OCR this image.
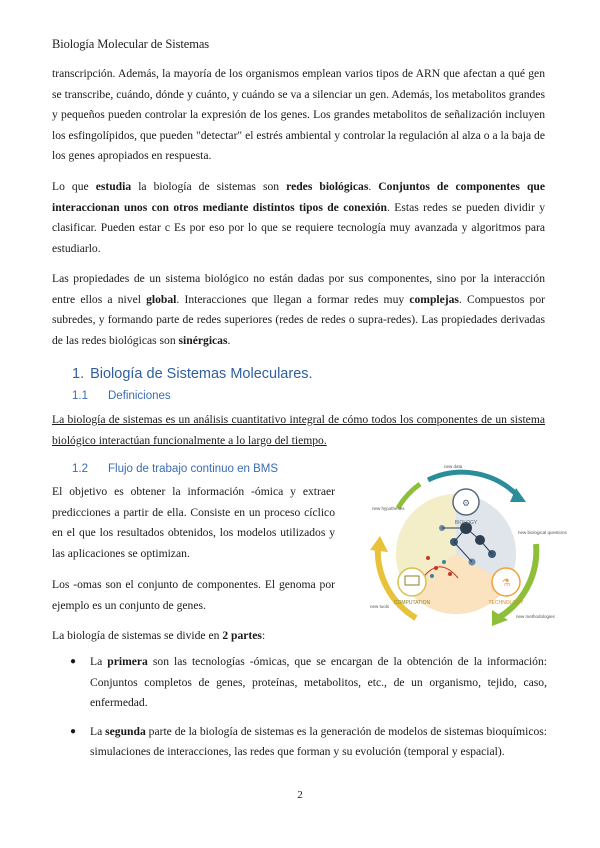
Biología Molecular de Sistemas

transcripción. Además, la mayoría de los organismos emplean varios tipos de ARN que afectan a qué gen se transcribe, cuándo, dónde y cuánto, y cuándo se va a silenciar un gen. Además, los metabolitos grandes y pequeños pueden controlar la expresión de los genes. Los grandes metabolitos de señalización incluyen los esfingolípidos, que pueden "detectar" el estrés ambiental y controlar la regulación al alza o a la baja de los genes apropiados en respuesta.

Lo que estudia la biología de sistemas son redes biológicas. Conjuntos de componentes que interaccionan unos con otros mediante distintos tipos de conexión. Estas redes se pueden dividir y clasificar. Pueden estar c Es por eso por lo que se requiere tecnología muy avanzada y algoritmos para estudiarlo.

Las propiedades de un sistema biológico no están dadas por sus componentes, sino por la interacción entre ellos a nivel global. Interacciones que llegan a formar redes muy complejas. Compuestos por subredes, y formando parte de redes superiores (redes de redes o supra-redes). Las propiedades derivadas de las redes biológicas son sinérgicas.

1. Biología de Sistemas Moleculares.
1.1 Definiciones

La biología de sistemas es un análisis cuantitativo integral de cómo todos los componentes de un sistema biológico interactúan funcionalmente a lo largo del tiempo.

1.2 Flujo de trabajo continuo en BMS

El objetivo es obtener la información -ómica y extraer predicciones a partir de ella. Consiste en un proceso cíclico en el que los resultados obtenidos, los modelos utilizados y las aplicaciones se optimizan.

Los -omas son el conjunto de componentes. El genoma por ejemplo es un conjunto de genes.

⚙
BIOLOGY
⚗
TECHNOLOGY
COMPUTATION
new data
new hypotheses
new biological questions
new methodologies
new tools

La biología de sistemas se divide en 2 partes:

● La primera son las tecnologías -ómicas, que se encargan de la obtención de la información: Conjuntos completos de genes, proteínas, metabolitos, etc., de un organismo, tejido, caso, enfermedad.
● La segunda parte de la biología de sistemas es la generación de modelos de sistemas bioquímicos: simulaciones de interacciones, las redes que forman y su evolución (temporal y espacial).
2
